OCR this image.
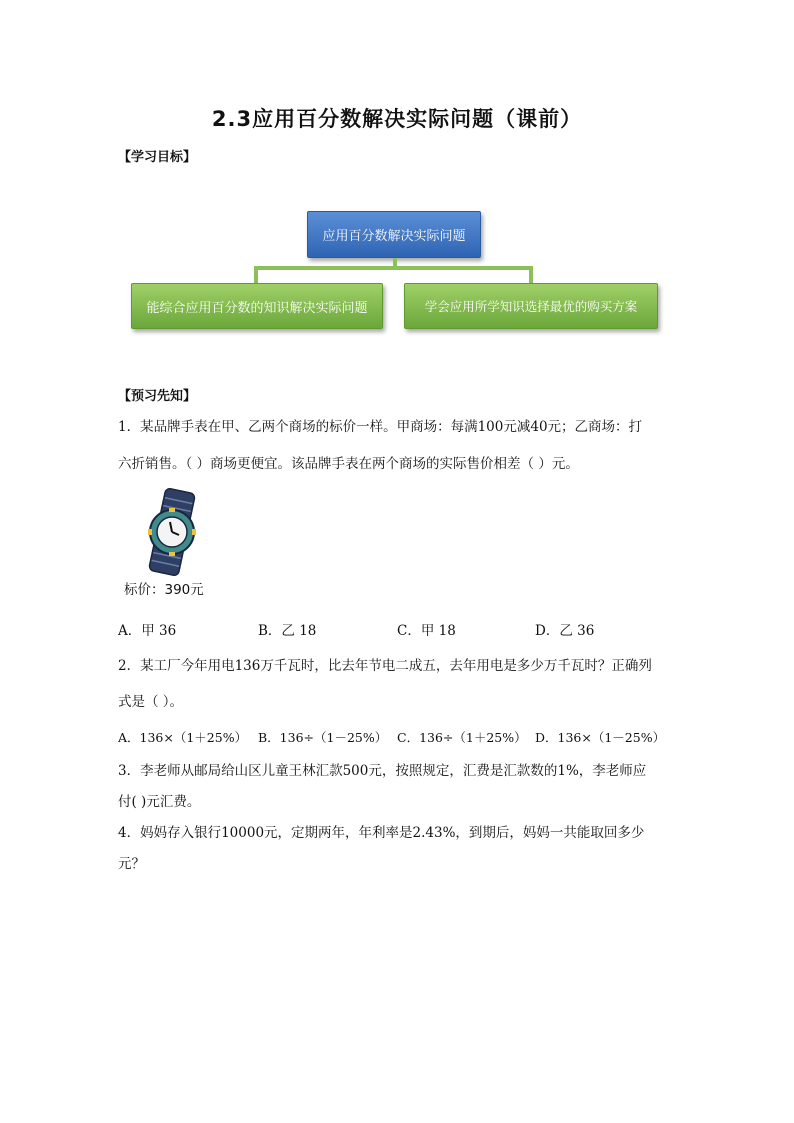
2.3应用百分数解决实际问题（课前）
【学习目标】
应用百分数解决实际问题
能综合应用百分数的知识解决实际问题	学会应用所学知识选择最优的购买方案
【预习先知】
1．某品牌手表在甲、乙两个商场的标价一样。甲商场：每满100元减40元；乙商场：打
六折销售。（ ）商场更便宜。该品牌手表在两个商场的实际售价相差（ ）元。
标价：390元
A．甲 36	B．乙 18	C．甲 18	D．乙 36
2．某工厂今年用电136万千瓦时，比去年节电二成五，去年用电是多少万千瓦时？正确列
式是（ ）。
A．136×（1＋25%） B．136÷（1－25%） C．136÷（1＋25%） D．136×（1－25%）
3．李老师从邮局给山区儿童王林汇款500元，按照规定，汇费是汇款数的1%，李老师应
付( )元汇费。
4．妈妈存入银行10000元，定期两年，年利率是2.43%，到期后，妈妈一共能取回多少
元？
